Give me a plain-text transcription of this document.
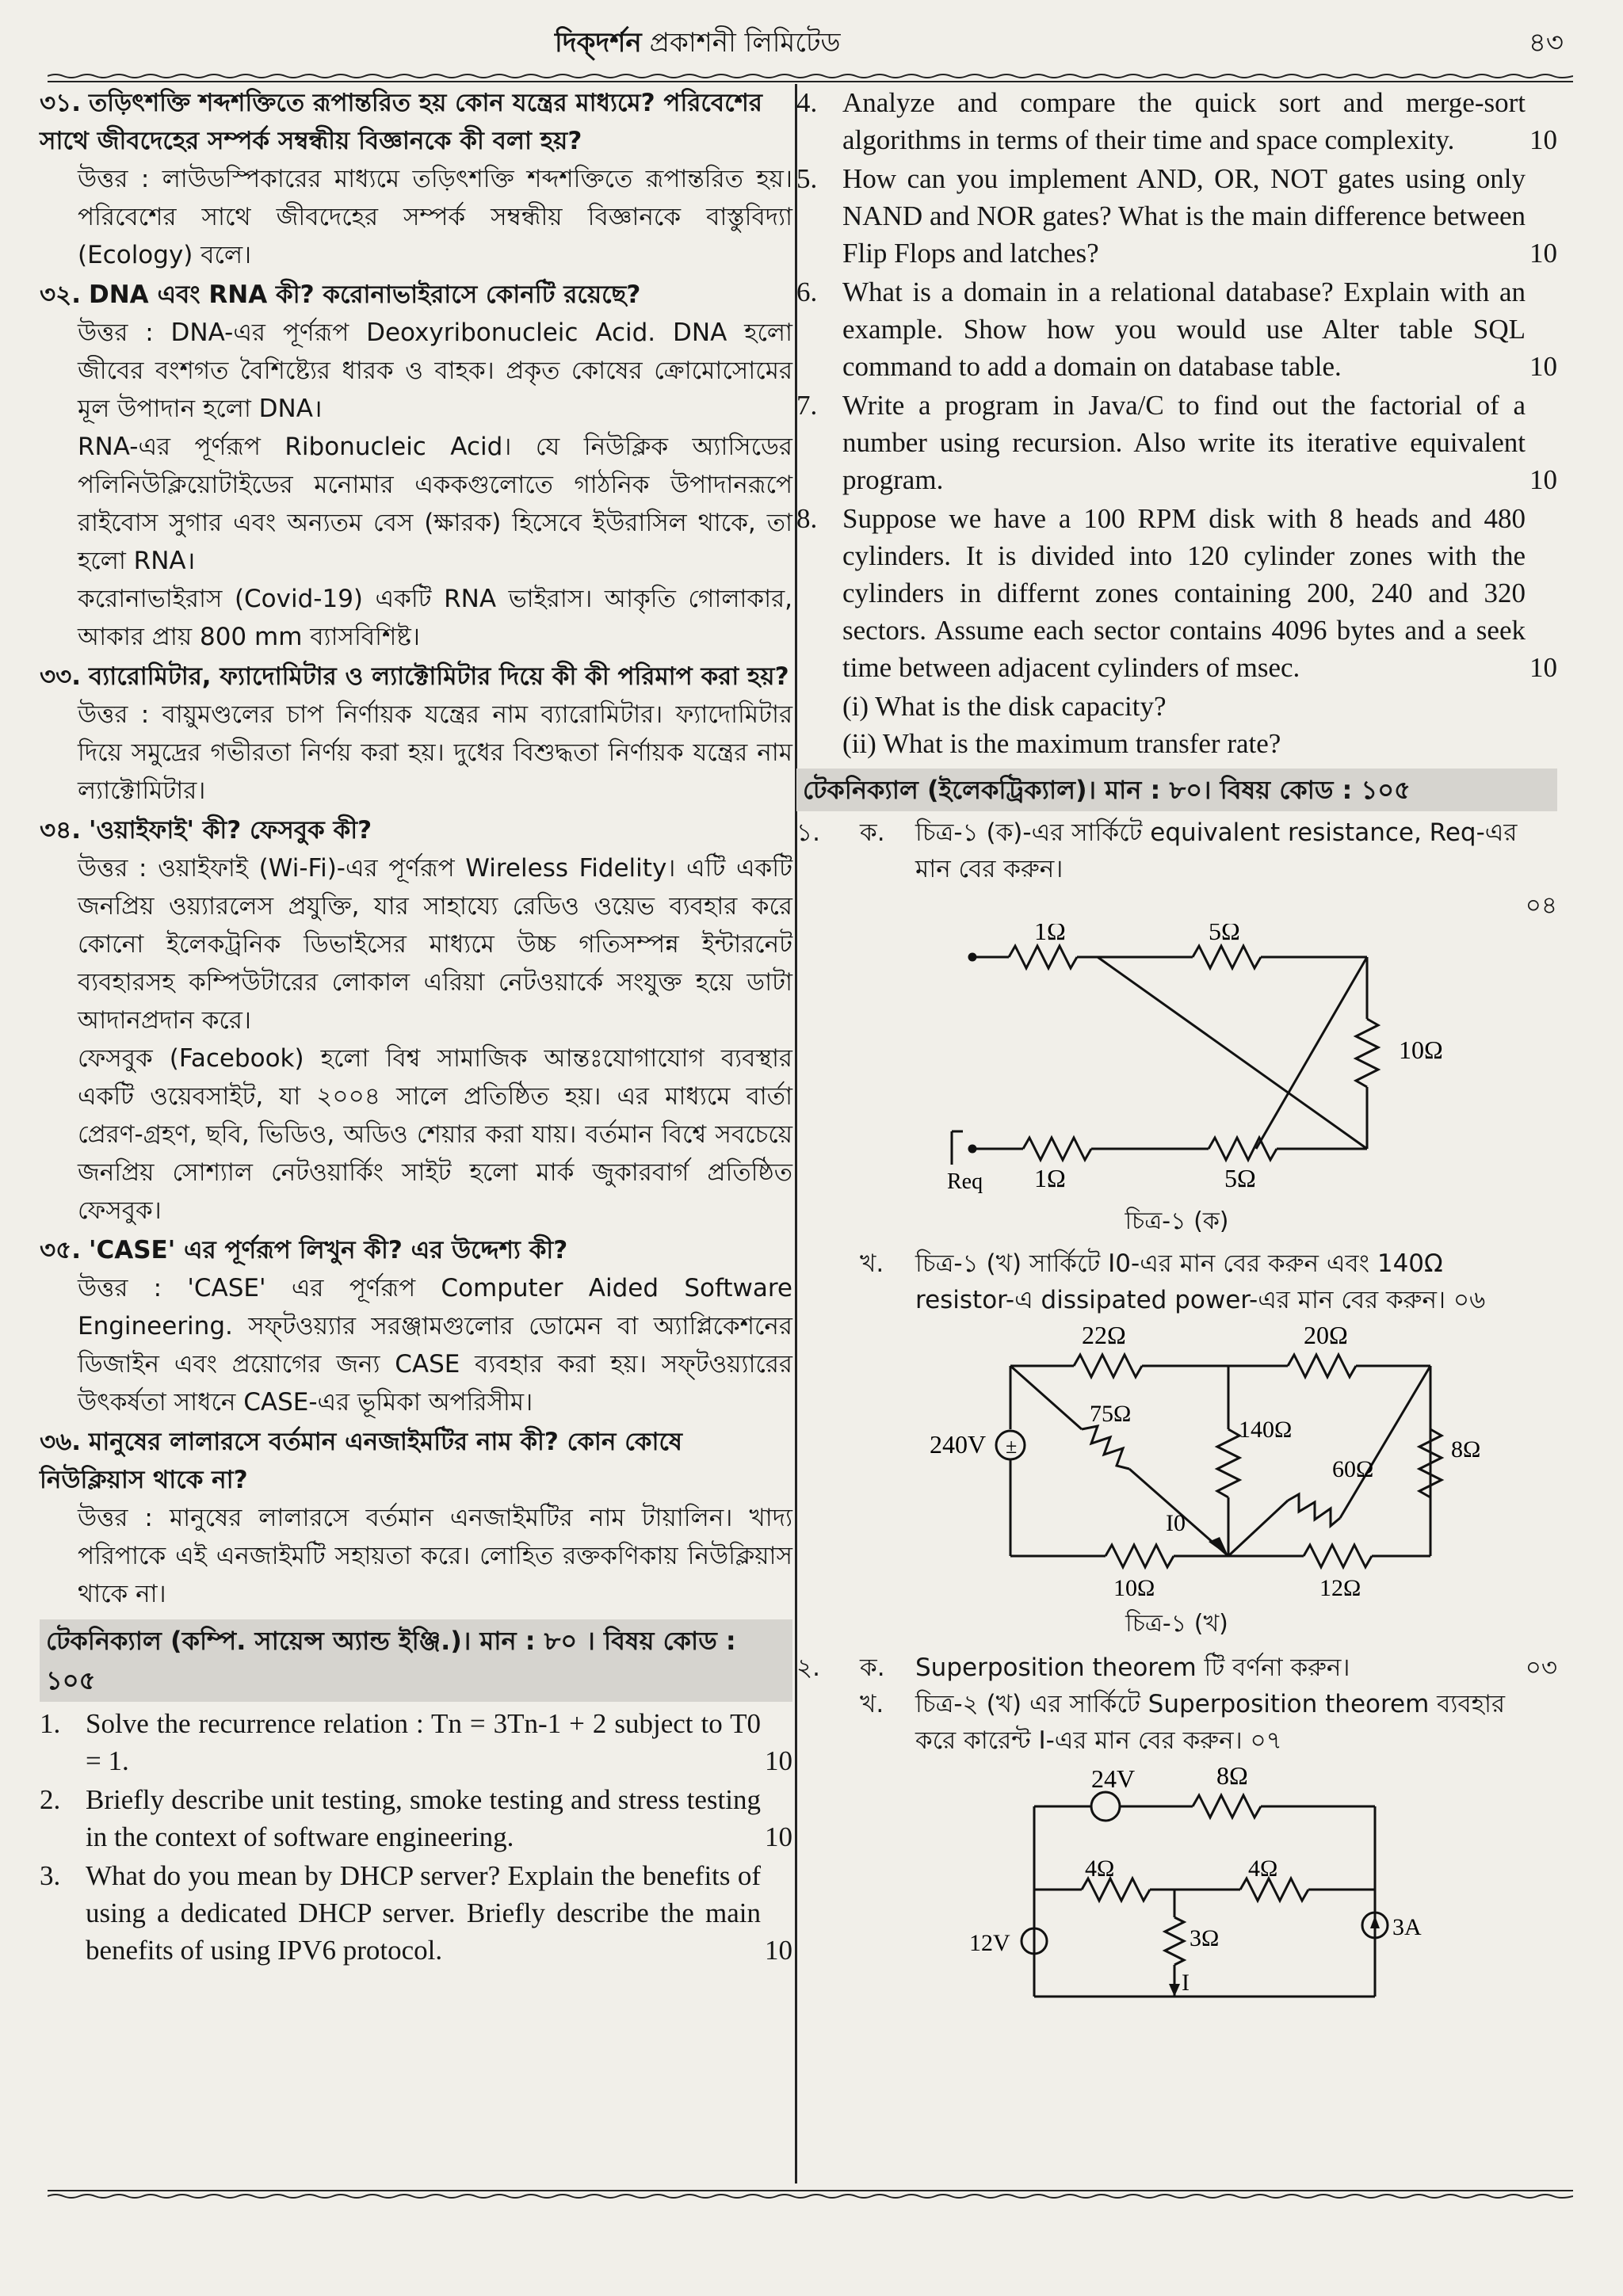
দিক্‌দর্শন প্রকাশনী লিমিটেড	৪৩
৩১. তড়িৎশক্তি শব্দশক্তিতে রূপান্তরিত হয় কোন যন্ত্রের মাধ্যমে? পরিবেশের সাথে জীবদেহের সম্পর্ক সম্বন্ধীয় বিজ্ঞানকে কী বলা হয়?

উত্তর : লাউডস্পিকারের মাধ্যমে তড়িৎশক্তি শব্দশক্তিতে রূপান্তরিত হয়। পরিবেশের সাথে জীবদেহের সম্পর্ক সম্বন্ধীয় বিজ্ঞানকে বাস্তুবিদ্যা (Ecology) বলে।

৩২. DNA এবং RNA কী? করোনাভাইরাসে কোনটি রয়েছে?

উত্তর : DNA-এর পূর্ণরূপ Deoxyribonucleic Acid. DNA হলো জীবের বংশগত বৈশিষ্ট্যের ধারক ও বাহক। প্রকৃত কোষের ক্রোমোসোমের মূল উপাদান হলো DNA।

RNA-এর পূর্ণরূপ Ribonucleic Acid। যে নিউক্লিক অ্যাসিডের পলিনিউক্লিয়োটাইডের মনোমার এককগুলোতে গাঠনিক উপাদানরূপে রাইবোস সুগার এবং অন্যতম বেস (ক্ষারক) হিসেবে ইউরাসিল থাকে, তা হলো RNA।

করোনাভাইরাস (Covid-19) একটি RNA ভাইরাস। আকৃতি গোলাকার, আকার প্রায় 800 mm ব্যাসবিশিষ্ট।

৩৩. ব্যারোমিটার, ফ্যাদোমিটার ও ল্যাক্টোমিটার দিয়ে কী কী পরিমাপ করা হয়?

উত্তর : বায়ুমণ্ডলের চাপ নির্ণায়ক যন্ত্রের নাম ব্যারোমিটার। ফ্যাদোমিটার দিয়ে সমুদ্রের গভীরতা নির্ণয় করা হয়। দুধের বিশুদ্ধতা নির্ণায়ক যন্ত্রের নাম ল্যাক্টোমিটার।

৩৪. 'ওয়াইফাই' কী? ফেসবুক কী?

উত্তর : ওয়াইফাই (Wi-Fi)-এর পূর্ণরূপ Wireless Fidelity। এটি একটি জনপ্রিয় ওয়্যারলেস প্রযুক্তি, যার সাহায্যে রেডিও ওয়েভ ব্যবহার করে কোনো ইলেকট্রনিক ডিভাইসের মাধ্যমে উচ্চ গতিসম্পন্ন ইন্টারনেট ব্যবহারসহ কম্পিউটারের লোকাল এরিয়া নেটওয়ার্কে সংযুক্ত হয়ে ডাটা আদানপ্রদান করে।

ফেসবুক (Facebook) হলো বিশ্ব সামাজিক আন্তঃযোগাযোগ ব্যবস্থার একটি ওয়েবসাইট, যা ২০০৪ সালে প্রতিষ্ঠিত হয়। এর মাধ্যমে বার্তা প্রেরণ-গ্রহণ, ছবি, ভিডিও, অডিও শেয়ার করা যায়। বর্তমান বিশ্বে সবচেয়ে জনপ্রিয় সোশ্যাল নেটওয়ার্কিং সাইট হলো মার্ক জুকারবার্গ প্রতিষ্ঠিত ফেসবুক।

৩৫. 'CASE' এর পূর্ণরূপ লিখুন কী? এর উদ্দেশ্য কী?

উত্তর : 'CASE' এর পূর্ণরূপ Computer Aided Software Engineering. সফ্‌টওয়্যার সরঞ্জামগুলোর ডোমেন বা অ্যাপ্লিকেশনের ডিজাইন এবং প্রয়োগের জন্য CASE ব্যবহার করা হয়। সফ্‌টওয়্যারের উৎকর্ষতা সাধনে CASE-এর ভূমিকা অপরিসীম।

৩৬. মানুষের লালারসে বর্তমান এনজাইমটির নাম কী? কোন কোষে নিউক্লিয়াস থাকে না?

উত্তর : মানুষের লালারসে বর্তমান এনজাইমটির নাম টায়ালিন। খাদ্য পরিপাকে এই এনজাইমটি সহায়তা করে। লোহিত রক্তকণিকায় নিউক্লিয়াস থাকে না।

টেকনিক্যাল (কম্পি. সায়েন্স অ্যান্ড ইঞ্জি.)। মান : ৮০ । বিষয় কোড : ১০৫
1. Solve the recurrence relation : Tn = 3Tn-1 + 2 subject to T0 = 1.	10
2. Briefly describe unit testing, smoke testing and stress testing in the context of software engineering.	10
3. What do you mean by DHCP server? Explain the benefits of using a dedicated DHCP server. Briefly describe the main benefits of using IPV6 protocol.	10
4. Analyze and compare the quick sort and merge-sort algorithms in terms of their time and space complexity.	10
5. How can you implement AND, OR, NOT gates using only NAND and NOR gates? What is the main difference between Flip Flops and latches?	10
6. What is a domain in a relational database? Explain with an example. Show how you would use Alter table SQL command to add a domain on database table.	10
7. Write a program in Java/C to find out the factorial of a number using recursion. Also write its iterative equivalent program.	10
8. Suppose we have a 100 RPM disk with 8 heads and 480 cylinders. It is divided into 120 cylinder zones with the cylinders in differnt zones containing 200, 240 and 320 sectors. Assume each sector contains 4096 bytes and a seek time between adjacent cylinders of msec.	10
(i) What is the disk capacity?
(ii) What is the maximum transfer rate?
টেকনিক্যাল (ইলেকট্রিক্যাল)। মান : ৮০। বিষয় কোড : ১০৫
১. ক. চিত্র-১ (ক)-এর সার্কিটে equivalent resistance, Req-এর মান বের করুন।
০৪
1Ω	5Ω
10Ω
1Ω	5Ω
Req
চিত্র-১ (ক)
খ. চিত্র-১ (খ) সার্কিটে I0-এর মান বের করুন এবং 140Ω resistor-এ dissipated power-এর মান বের করুন। ০৬
±
240V
22Ω	20Ω
75Ω
140Ω
60Ω
8Ω
10Ω	12Ω
I0
চিত্র-১ (খ)
২. ক. Superposition theorem টি বর্ণনা করুন।	০৩
খ. চিত্র-২ (খ) এর সার্কিটে Superposition theorem ব্যবহার করে কারেন্ট I-এর মান বের করুন। ০৭
24V	8Ω
4Ω	4Ω
3Ω	3A
12V
I
